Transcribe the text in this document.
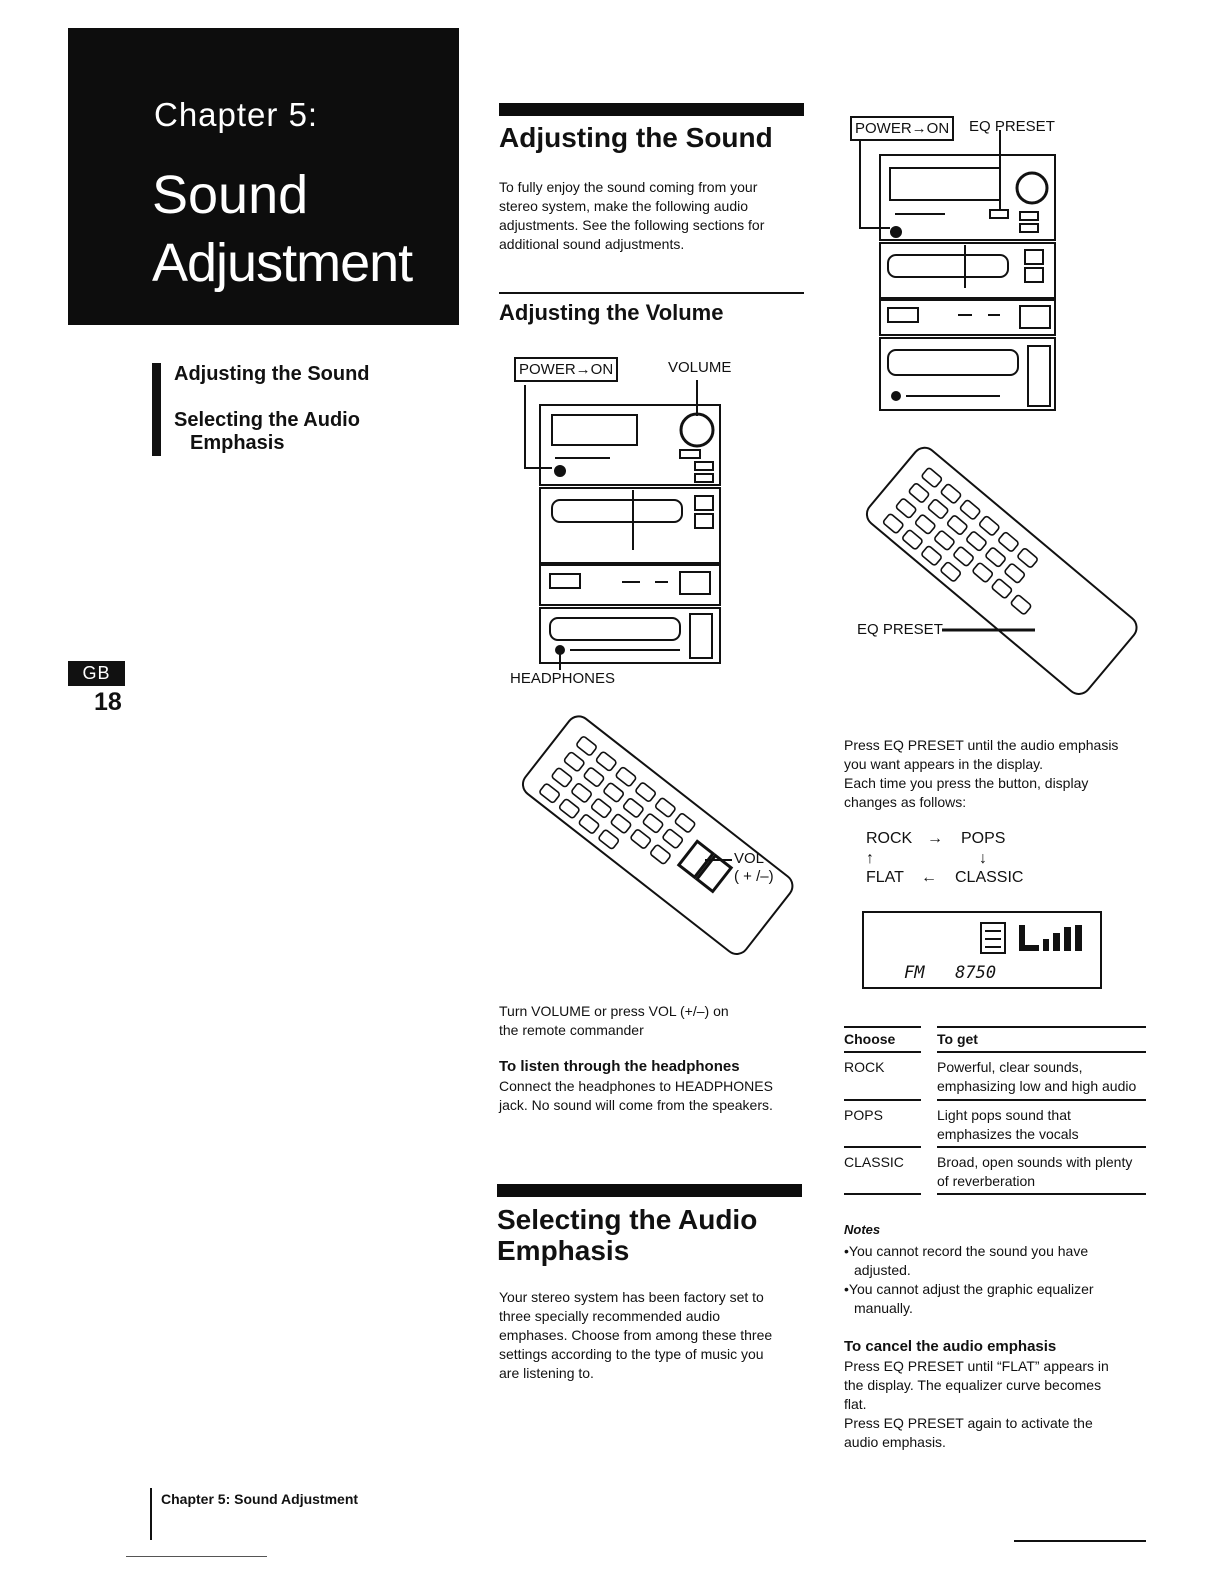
Chapter 5:
Sound
Adjustment
Adjusting the Sound
Selecting the Audio
Emphasis
GB
18
Chapter 5: Sound Adjustment
Adjusting the Sound
To fully enjoy the sound coming from your
stereo system, make the following audio
adjustments. See the following sections for
additional sound adjustments.
Adjusting the Volume
POWER→ON	VOLUME
HEADPHONES
VOL
( + /–)
Turn VOLUME or press VOL (+/–) on
the remote commander
To listen through the headphones
Connect the headphones to HEADPHONES
jack. No sound will come from the speakers.
Selecting the Audio
Emphasis
Your stereo system has been factory set to
three specially recommended audio
emphases. Choose from among these three
settings according to the type of music you
are listening to.
POWER→ON	EQ PRESET
EQ PRESET
Press EQ PRESET until the audio emphasis
you want appears in the display.
Each time you press the button, display
changes as follows:
ROCK → POPS
↑	↓
FLAT ← CLASSIC
FM   8750
Choose	To get
ROCK	Powerful, clear sounds,
emphasizing low and high audio
POPS	Light pops sound that
emphasizes the vocals
CLASSIC Broad, open sounds with plenty
of reverberation
Notes
•You cannot record the sound you have
adjusted.
•You cannot adjust the graphic equalizer
manually.
To cancel the audio emphasis
Press EQ PRESET until “FLAT” appears in
the display. The equalizer curve becomes
flat.
Press EQ PRESET again to activate the
audio emphasis.
